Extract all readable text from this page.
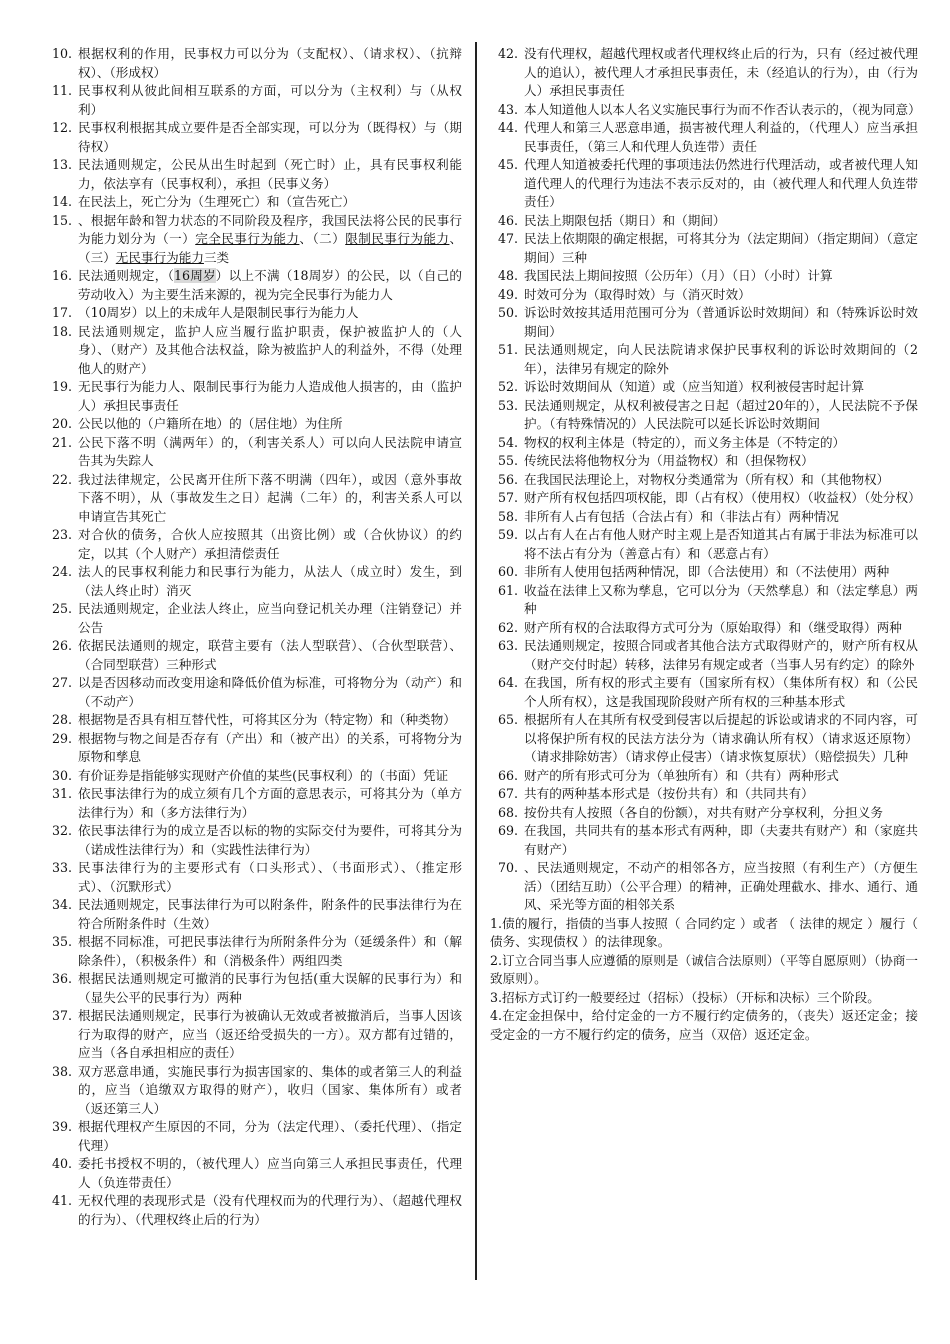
10. 根据权利的作用，民事权力可以分为（支配权）、（请求权）、（抗辩权）、（形成权）
11. 民事权利从彼此间相互联系的方面，可以分为（主权利）与（从权利）
12. 民事权利根据其成立要件是否全部实现，可以分为（既得权）与（期待权）
13. 民法通则规定，公民从出生时起到（死亡时）止，具有民事权利能力，依法享有（民事权利），承担（民事义务）
14. 在民法上，死亡分为（生理死亡）和（宣告死亡）
15. 、根据年龄和智力状态的不同阶段及程序，我国民法将公民的民事行为能力划分为（一）完全民事行为能力、（二）限制民事行为能力、（三）无民事行为能力三类
16. 民法通则规定，（16周岁）以上不满（18周岁）的公民，以（自己的劳动收入）为主要生活来源的，视为完全民事行为能力人
17. （10周岁）以上的未成年人是限制民事行为能力人
18. 民法通则规定，监护人应当履行监护职责，保护被监护人的（人身）、（财产）及其他合法权益，除为被监护人的利益外，不得（处理他人的财产）
19. 无民事行为能力人、限制民事行为能力人造成他人损害的，由（监护人）承担民事责任
20. 公民以他的（户籍所在地）的（居住地）为住所
21. 公民下落不明（满两年）的，（利害关系人）可以向人民法院申请宣告其为失踪人
22. 我过法律规定，公民离开住所下落不明满（四年），或因（意外事故下落不明），从（事故发生之日）起满（二年）的，利害关系人可以申请宣告其死亡
23. 对合伙的债务，合伙人应按照其（出资比例）或（合伙协议）的约定，以其（个人财产）承担清偿责任
24. 法人的民事权利能力和民事行为能力，从法人（成立时）发生，到（法人终止时）消灭
25. 民法通则规定，企业法人终止，应当向登记机关办理（注销登记）并公告
26. 依据民法通则的规定，联营主要有（法人型联营）、（合伙型联营）、（合同型联营）三种形式
27. 以是否因移动而改变用途和降低价值为标准，可将物分为（动产）和（不动产）
28. 根据物是否具有相互替代性，可将其区分为（特定物）和（种类物）
29. 根据物与物之间是否存有（产出）和（被产出）的关系，可将物分为原物和孳息
30. 有价证券是指能够实现财产价值的某些(民事权利）的（书面）凭证
31. 依民事法律行为的成立须有几个方面的意思表示，可将其分为（单方法律行为）和（多方法律行为）
32. 依民事法律行为的成立是否以标的物的实际交付为要件，可将其分为（诺成性法律行为）和（实践性法律行为）
33. 民事法律行为的主要形式有（口头形式）、（书面形式）、（推定形式）、（沉默形式）
34. 民法通则规定，民事法律行为可以附条件，附条件的民事法律行为在符合所附条件时（生效）
35. 根据不同标准，可把民事法律行为所附条件分为（延缓条件）和（解除条件），（积极条件）和（消极条件）两组四类
36. 根据民法通则规定可撤消的民事行为包括(重大误解的民事行为）和（显失公平的民事行为）两种
37. 根据民法通则规定，民事行为被确认无效或者被撤消后，当事人因该行为取得的财产，应当（返还给受损失的一方）。双方都有过错的，应当（各自承担相应的责任）
38. 双方恶意串通，实施民事行为损害国家的、集体的或者第三人的利益的，应当（追缴双方取得的财产），收归（国家、集体所有）或者（返还第三人）
39. 根据代理权产生原因的不同，分为（法定代理）、（委托代理）、（指定代理）
40. 委托书授权不明的，（被代理人）应当向第三人承担民事责任，代理人（负连带责任）
41. 无权代理的表现形式是（没有代理权而为的代理行为）、（超越代理权的行为）、（代理权终止后的行为）
42. 没有代理权，超越代理权或者代理权终止后的行为，只有（经过被代理人的追认），被代理人才承担民事责任，未（经追认的行为），由（行为人）承担民事责任
43. 本人知道他人以本人名义实施民事行为而不作否认表示的，（视为同意）
44. 代理人和第三人恶意串通，损害被代理人利益的，（代理人）应当承担民事责任，（第三人和代理人负连带）责任
45. 代理人知道被委托代理的事项违法仍然进行代理活动，或者被代理人知道代理人的代理行为违法不表示反对的，由（被代理人和代理人负连带责任）
46. 民法上期限包括（期日）和（期间）
47. 民法上依期限的确定根据，可将其分为（法定期间）（指定期间）（意定期间）三种
48. 我国民法上期间按照（公历年）（月）（日）（小时）计算
49. 时效可分为（取得时效）与（消灭时效）
50. 诉讼时效按其适用范围可分为（普通诉讼时效期间）和（特殊诉讼时效期间）
51. 民法通则规定，向人民法院请求保护民事权利的诉讼时效期间的（2年），法律另有规定的除外
52. 诉讼时效期间从（知道）或（应当知道）权利被侵害时起计算
53. 民法通则规定，从权利被侵害之日起（超过20年的），人民法院不予保护。（有特殊情况的）人民法院可以延长诉讼时效期间
54. 物权的权利主体是（特定的），而义务主体是（不特定的）
55. 传统民法将他物权分为（用益物权）和（担保物权）
56. 在我国民法理论上，对物权分类通常为（所有权）和（其他物权）
57. 财产所有权包括四项权能，即（占有权）（使用权）（收益权）（处分权）
58. 非所有人占有包括（合法占有）和（非法占有）两种情况
59. 以占有人在占有他人财产时主观上是否知道其占有属于非法为标准可以将不法占有分为（善意占有）和（恶意占有）
60. 非所有人使用包括两种情况，即（合法使用）和（不法使用）两种
61. 收益在法律上又称为孳息，它可以分为（天然孳息）和（法定孳息）两种
62. 财产所有权的合法取得方式可分为（原始取得）和（继受取得）两种
63. 民法通则规定，按照合同或者其他合法方式取得财产的，财产所有权从（财产交付时起）转移，法律另有规定或者（当事人另有约定）的除外
64. 在我国，所有权的形式主要有（国家所有权）（集体所有权）和（公民个人所有权），这是我国现阶段财产所有权的三种基本形式
65. 根据所有人在其所有权受到侵害以后提起的诉讼或请求的不同内容，可以将保护所有权的民法方法分为（请求确认所有权）（请求返还原物）（请求排除妨害）（请求停止侵害）（请求恢复原状）（赔偿损失）几种
66. 财产的所有形式可分为（单独所有）和（共有）两种形式
67. 共有的两种基本形式是（按份共有）和（共同共有）
68. 按份共有人按照（各自的份额），对共有财产分享权利，分担义务
69. 在我国，共同共有的基本形式有两种，即（夫妻共有财产）和（家庭共有财产）
70. 、民法通则规定，不动产的相邻各方，应当按照（有利生产）（方便生活）（团结互助）（公平合理）的精神，正确处理截水、排水、通行、通风、采光等方面的相邻关系
1.债的履行，指债的当事人按照（ 合同约定 ）或者 （ 法律的规定 ）履行（ 债务、实现债权 ）的法律现象。
2.订立合同当事人应遵循的原则是（诚信合法原则）（平等自愿原则）（协商一致原则）。
3.招标方式订约一般要经过（招标）（投标）（开标和决标）三个阶段。
4.在定金担保中，给付定金的一方不履行约定债务的，（丧失）返还定金；接受定金的一方不履行约定的债务，应当（双倍）返还定金。
